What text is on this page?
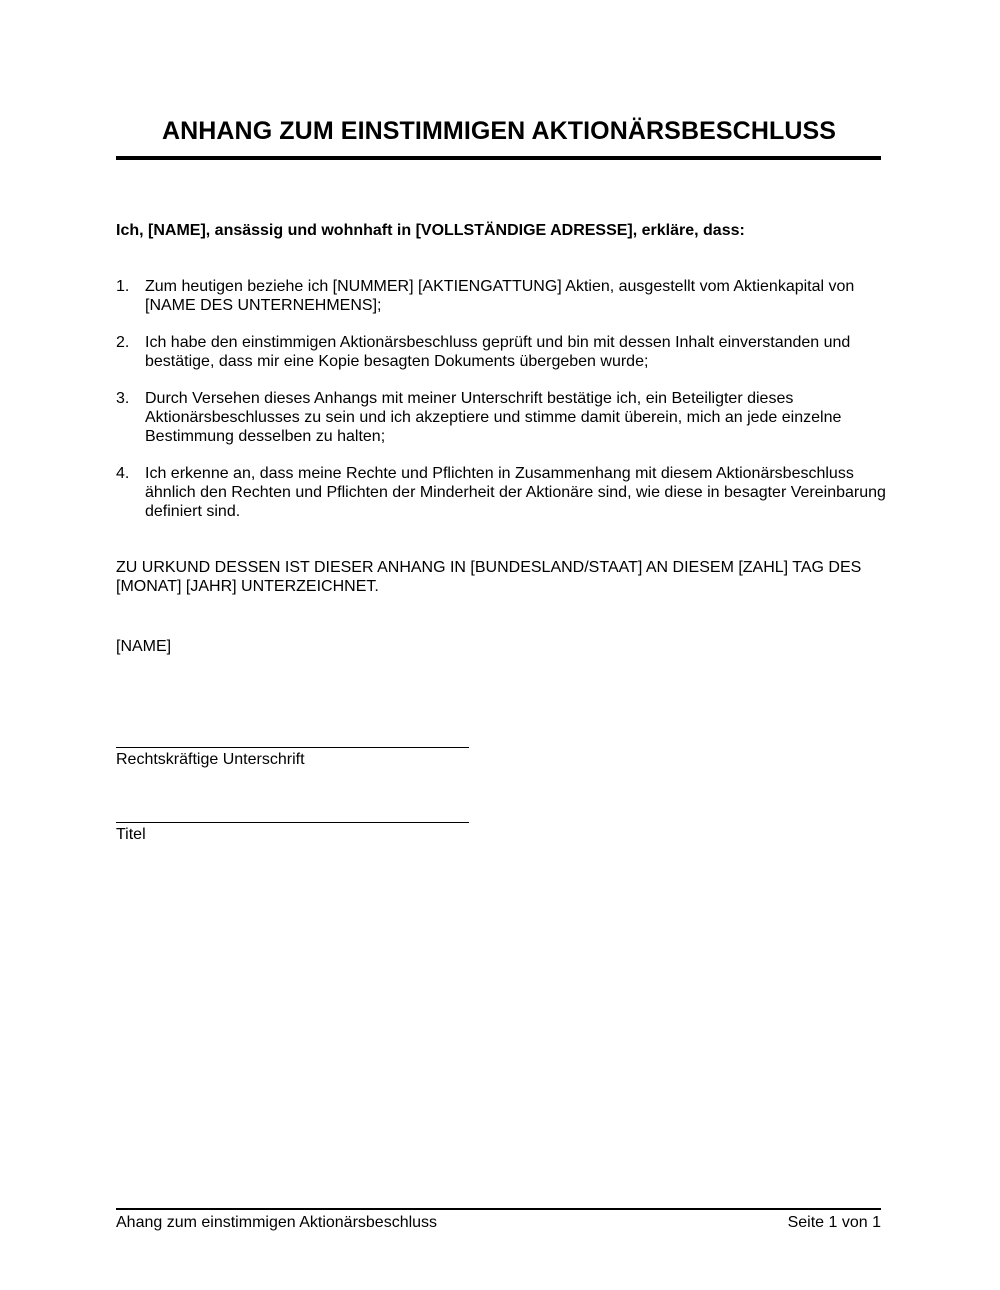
ANHANG ZUM EINSTIMMIGEN AKTIONÄRSBESCHLUSS
Ich, [NAME], ansässig und wohnhaft in [VOLLSTÄNDIGE ADRESSE], erkläre, dass:
1. Zum heutigen beziehe ich [NUMMER] [AKTIENGATTUNG] Aktien, ausgestellt vom Aktienkapital von [NAME DES UNTERNEHMENS];
2. Ich habe den einstimmigen Aktionärsbeschluss geprüft und bin mit dessen Inhalt einverstanden und bestätige, dass mir eine Kopie besagten Dokuments übergeben wurde;
3. Durch Versehen dieses Anhangs mit meiner Unterschrift bestätige ich, ein Beteiligter dieses Aktionärsbeschlusses zu sein und ich akzeptiere und stimme damit überein, mich an jede einzelne Bestimmung desselben zu halten;
4. Ich erkenne an, dass meine Rechte und Pflichten in Zusammenhang mit diesem Aktionärsbeschluss ähnlich den Rechten und Pflichten der Minderheit der Aktionäre sind, wie diese in besagter Vereinbarung definiert sind.
ZU URKUND DESSEN IST DIESER ANHANG IN [BUNDESLAND/STAAT] AN DIESEM [ZAHL] TAG DES [MONAT] [JAHR] UNTERZEICHNET.
[NAME]
Rechtskräftige Unterschrift
Titel
Ahang zum einstimmigen Aktionärsbeschluss	Seite 1 von 1
